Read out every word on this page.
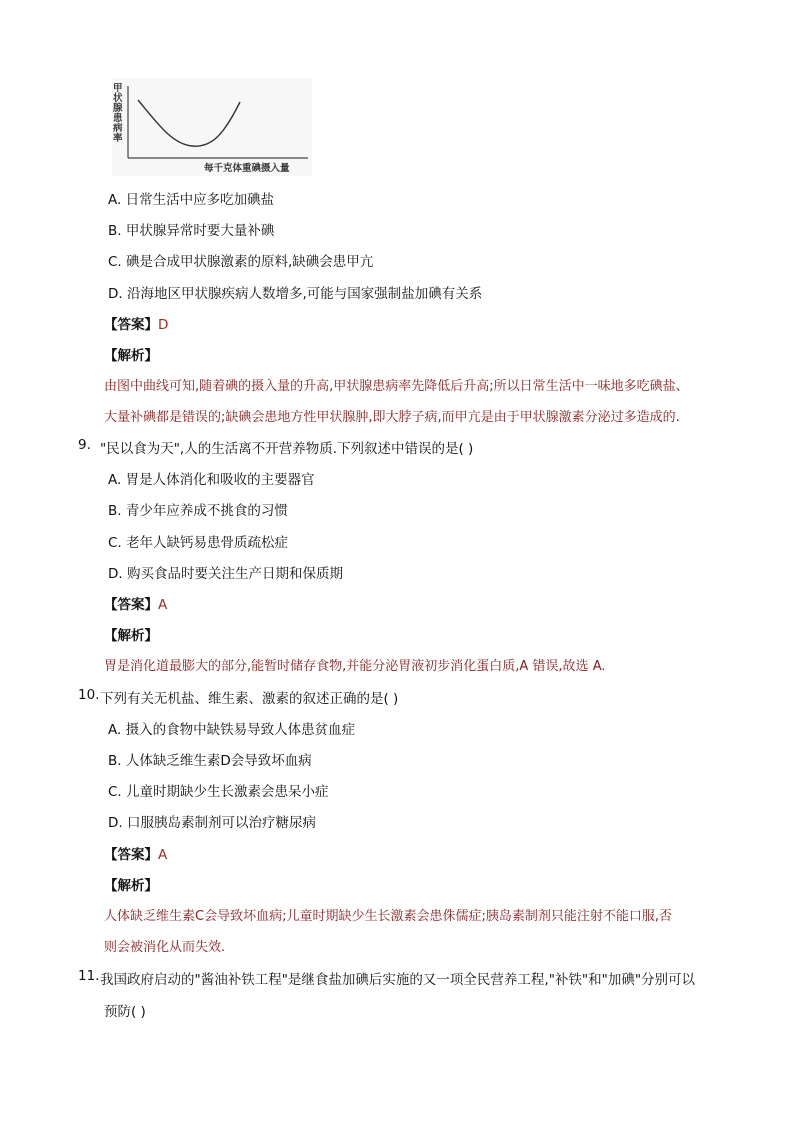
甲状腺患病率
每千克体重碘摄入量
A. 日常生活中应多吃加碘盐
B. 甲状腺异常时要大量补碘
C. 碘是合成甲状腺激素的原料,缺碘会患甲亢
D. 沿海地区甲状腺疾病人数增多,可能与国家强制盐加碘有关系
【答案】D
【解析】
由图中曲线可知,随着碘的摄入量的升高,甲状腺患病率先降低后升高;所以日常生活中一味地多吃碘盐、
大量补碘都是错误的;缺碘会患地方性甲状腺肿,即大脖子病,而甲亢是由于甲状腺激素分泌过多造成的.
9. "民以食为天",人的生活离不开营养物质.下列叙述中错误的是( )
A. 胃是人体消化和吸收的主要器官
B. 青少年应养成不挑食的习惯
C. 老年人缺钙易患骨质疏松症
D. 购买食品时要关注生产日期和保质期
【答案】A
【解析】
胃是消化道最膨大的部分,能暂时储存食物,并能分泌胃液初步消化蛋白质,A 错误,故选 A.
10. 下列有关无机盐、维生素、激素的叙述正确的是( )
A. 摄入的食物中缺铁易导致人体患贫血症
B. 人体缺乏维生素D会导致坏血病
C. 儿童时期缺少生长激素会患呆小症
D. 口服胰岛素制剂可以治疗糖尿病
【答案】A
【解析】
人体缺乏维生素C会导致坏血病;儿童时期缺少生长激素会患侏儒症;胰岛素制剂只能注射不能口服,否
则会被消化从而失效.
11. 我国政府启动的"酱油补铁工程"是继食盐加碘后实施的又一项全民营养工程,"补铁"和"加碘"分别可以
预防( )
